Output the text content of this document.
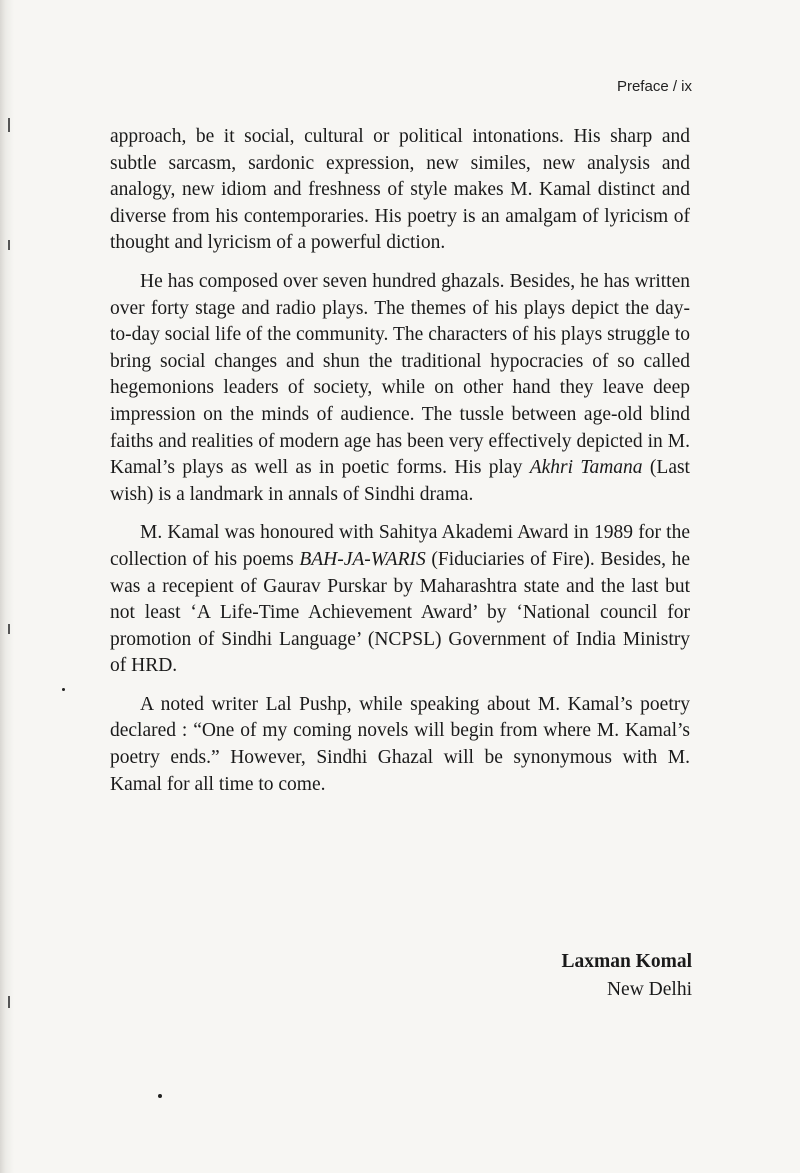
Preface / ix

approach, be it social, cultural or political intonations. His sharp and subtle sarcasm, sardonic expression, new similes, new analysis and analogy, new idiom and freshness of style makes M. Kamal distinct and diverse from his contemporaries. His poetry is an amalgam of lyricism of thought and lyricism of a powerful diction.

He has composed over seven hundred ghazals. Besides, he has written over forty stage and radio plays. The themes of his plays depict the day-to-day social life of the community. The characters of his plays struggle to bring social changes and shun the traditional hypocracies of so called hegemonions leaders of society, while on other hand they leave deep impression on the minds of audience. The tussle between age-old blind faiths and realities of modern age has been very effectively depicted in M. Kamal’s plays as well as in poetic forms. His play Akhri Tamana (Last wish) is a landmark in annals of Sindhi drama.

M. Kamal was honoured with Sahitya Akademi Award in 1989 for the collection of his poems BAH-JA-WARIS (Fiduciaries of Fire). Besides, he was a recepient of Gaurav Purskar by Maharashtra state and the last but not least ‘A Life-Time Achievement Award’ by ‘National council for promotion of Sindhi Language’ (NCPSL) Government of India Ministry of HRD.

A noted writer Lal Pushp, while speaking about M. Kamal’s poetry declared : “One of my coming novels will begin from where M. Kamal’s poetry ends.” However, Sindhi Ghazal will be synonymous with M. Kamal for all time to come.

Laxman Komal
New Delhi
